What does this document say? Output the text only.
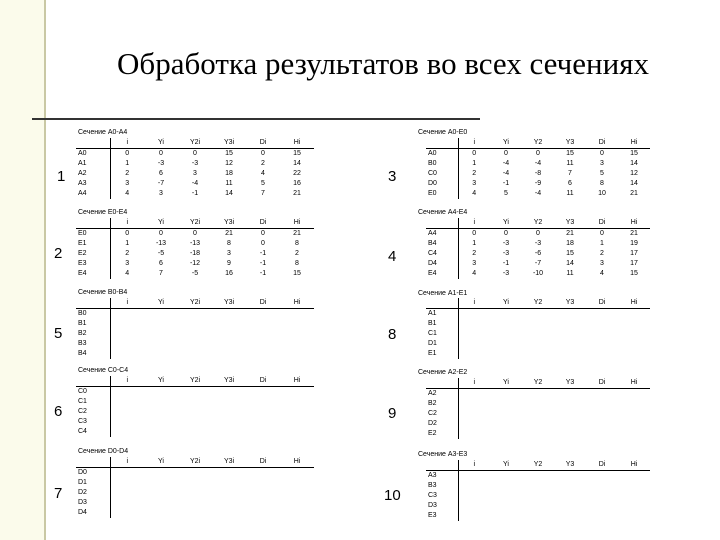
Обработка результатов во всех сечениях
Сечение A0-A4
1
	i	Yi	Y2i	Y3i	Di	Hi
A0	0	0	0	15	0	15
A1	1	-3	-3	12	2	14
A2	2	6	3	18	4	22
A3	3	-7	-4	11	5	16
A4	4	3	-1	14	7	21
Сечение E0-E4
2
	i	Yi	Y2i	Y3i	Di	Hi
E0	0	0	0	21	0	21
E1	1	-13	-13	8	0	8
E2	2	-5	-18	3	-1	2
E3	3	6	-12	9	-1	8
E4	4	7	-5	16	-1	15
Сечение B0-B4
5
	i	Yi	Y2i	Y3i	Di	Hi
B0						
B1						
B2						
B3						
B4						
Сечение C0-C4
6
	i	Yi	Y2i	Y3i	Di	Hi
C0						
C1						
C2						
C3						
C4						
Сечение D0-D4
7
	i	Yi	Y2i	Y3i	Di	Hi
D0						
D1						
D2						
D3						
D4						
Сечение A0-E0
3
	i	Yi	Y2	Y3	Di	Hi
A0	0	0	0	15	0	15
B0	1	-4	-4	11	3	14
C0	2	-4	-8	7	5	12
D0	3	-1	-9	6	8	14
E0	4	5	-4	11	10	21
Сечение A4-E4
4
	i	Yi	Y2	Y3	Di	Hi
A4	0	0	0	21	0	21
B4	1	-3	-3	18	1	19
C4	2	-3	-6	15	2	17
D4	3	-1	-7	14	3	17
E4	4	-3	-10	11	4	15
Сечение A1-E1
8
	i	Yi	Y2	Y3	Di	Hi
A1						
B1						
C1						
D1						
E1						
Сечение A2-E2
9
	i	Yi	Y2	Y3	Di	Hi
A2						
B2						
C2						
D2						
E2						
Сечение A3-E3
10
	i	Yi	Y2	Y3	Di	Hi
A3						
B3						
C3						
D3						
E3						
